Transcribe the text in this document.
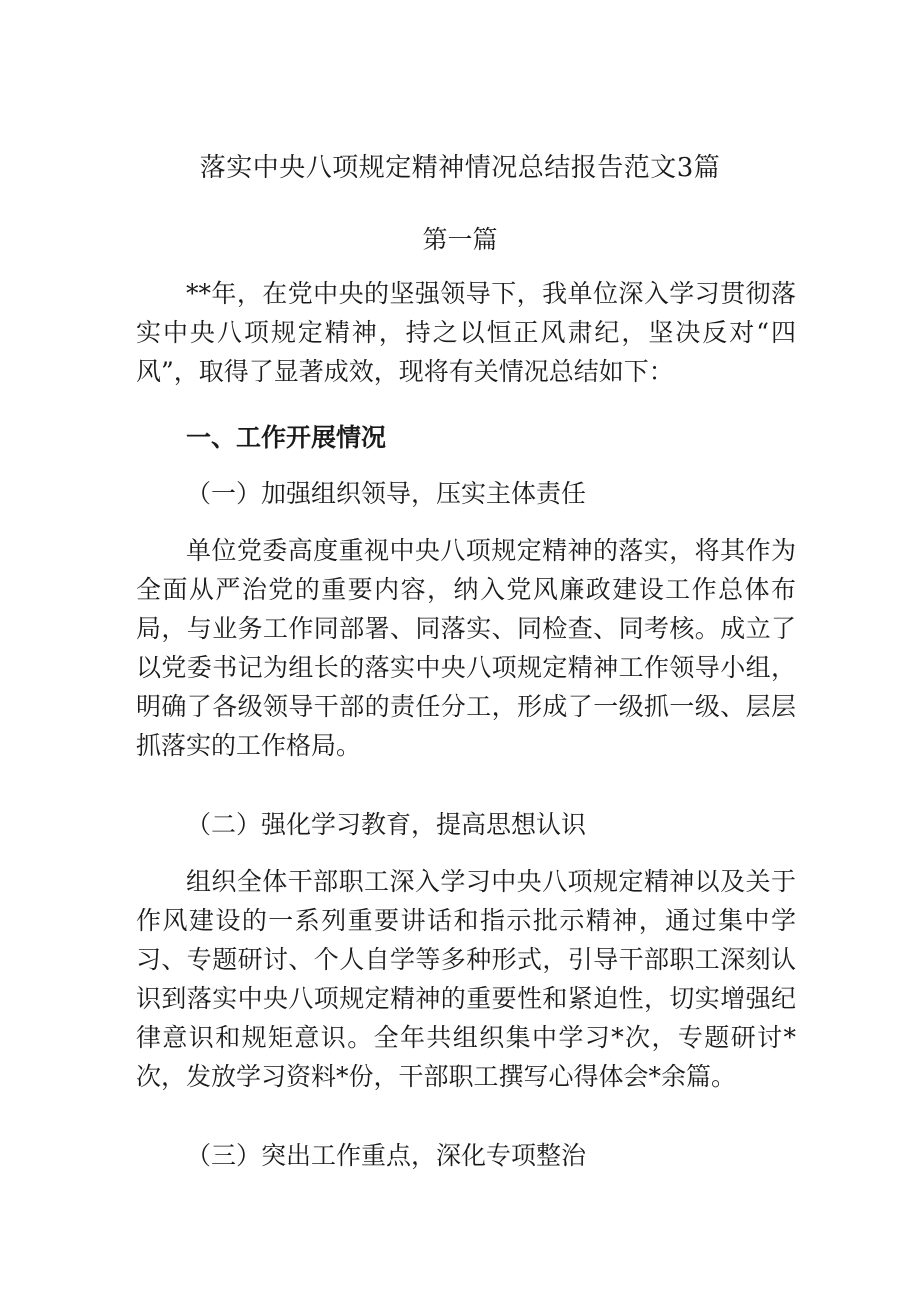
落实中央八项规定精神情况总结报告范文3篇
第一篇

**年，在党中央的坚强领导下，我单位深入学习贯彻落实中央八项规定精神，持之以恒正风肃纪，坚决反对“四风”，取得了显著成效，现将有关情况总结如下：

一、工作开展情况

（一）加强组织领导，压实主体责任

单位党委高度重视中央八项规定精神的落实，将其作为全面从严治党的重要内容，纳入党风廉政建设工作总体布局，与业务工作同部署、同落实、同检查、同考核。成立了以党委书记为组长的落实中央八项规定精神工作领导小组，明确了各级领导干部的责任分工，形成了一级抓一级、层层抓落实的工作格局。

（二）强化学习教育，提高思想认识

组织全体干部职工深入学习中央八项规定精神以及关于作风建设的一系列重要讲话和指示批示精神，通过集中学习、专题研讨、个人自学等多种形式，引导干部职工深刻认识到落实中央八项规定精神的重要性和紧迫性，切实增强纪律意识和规矩意识。全年共组织集中学习*次，专题研讨*次，发放学习资料*份，干部职工撰写心得体会*余篇。

（三）突出工作重点，深化专项整治
